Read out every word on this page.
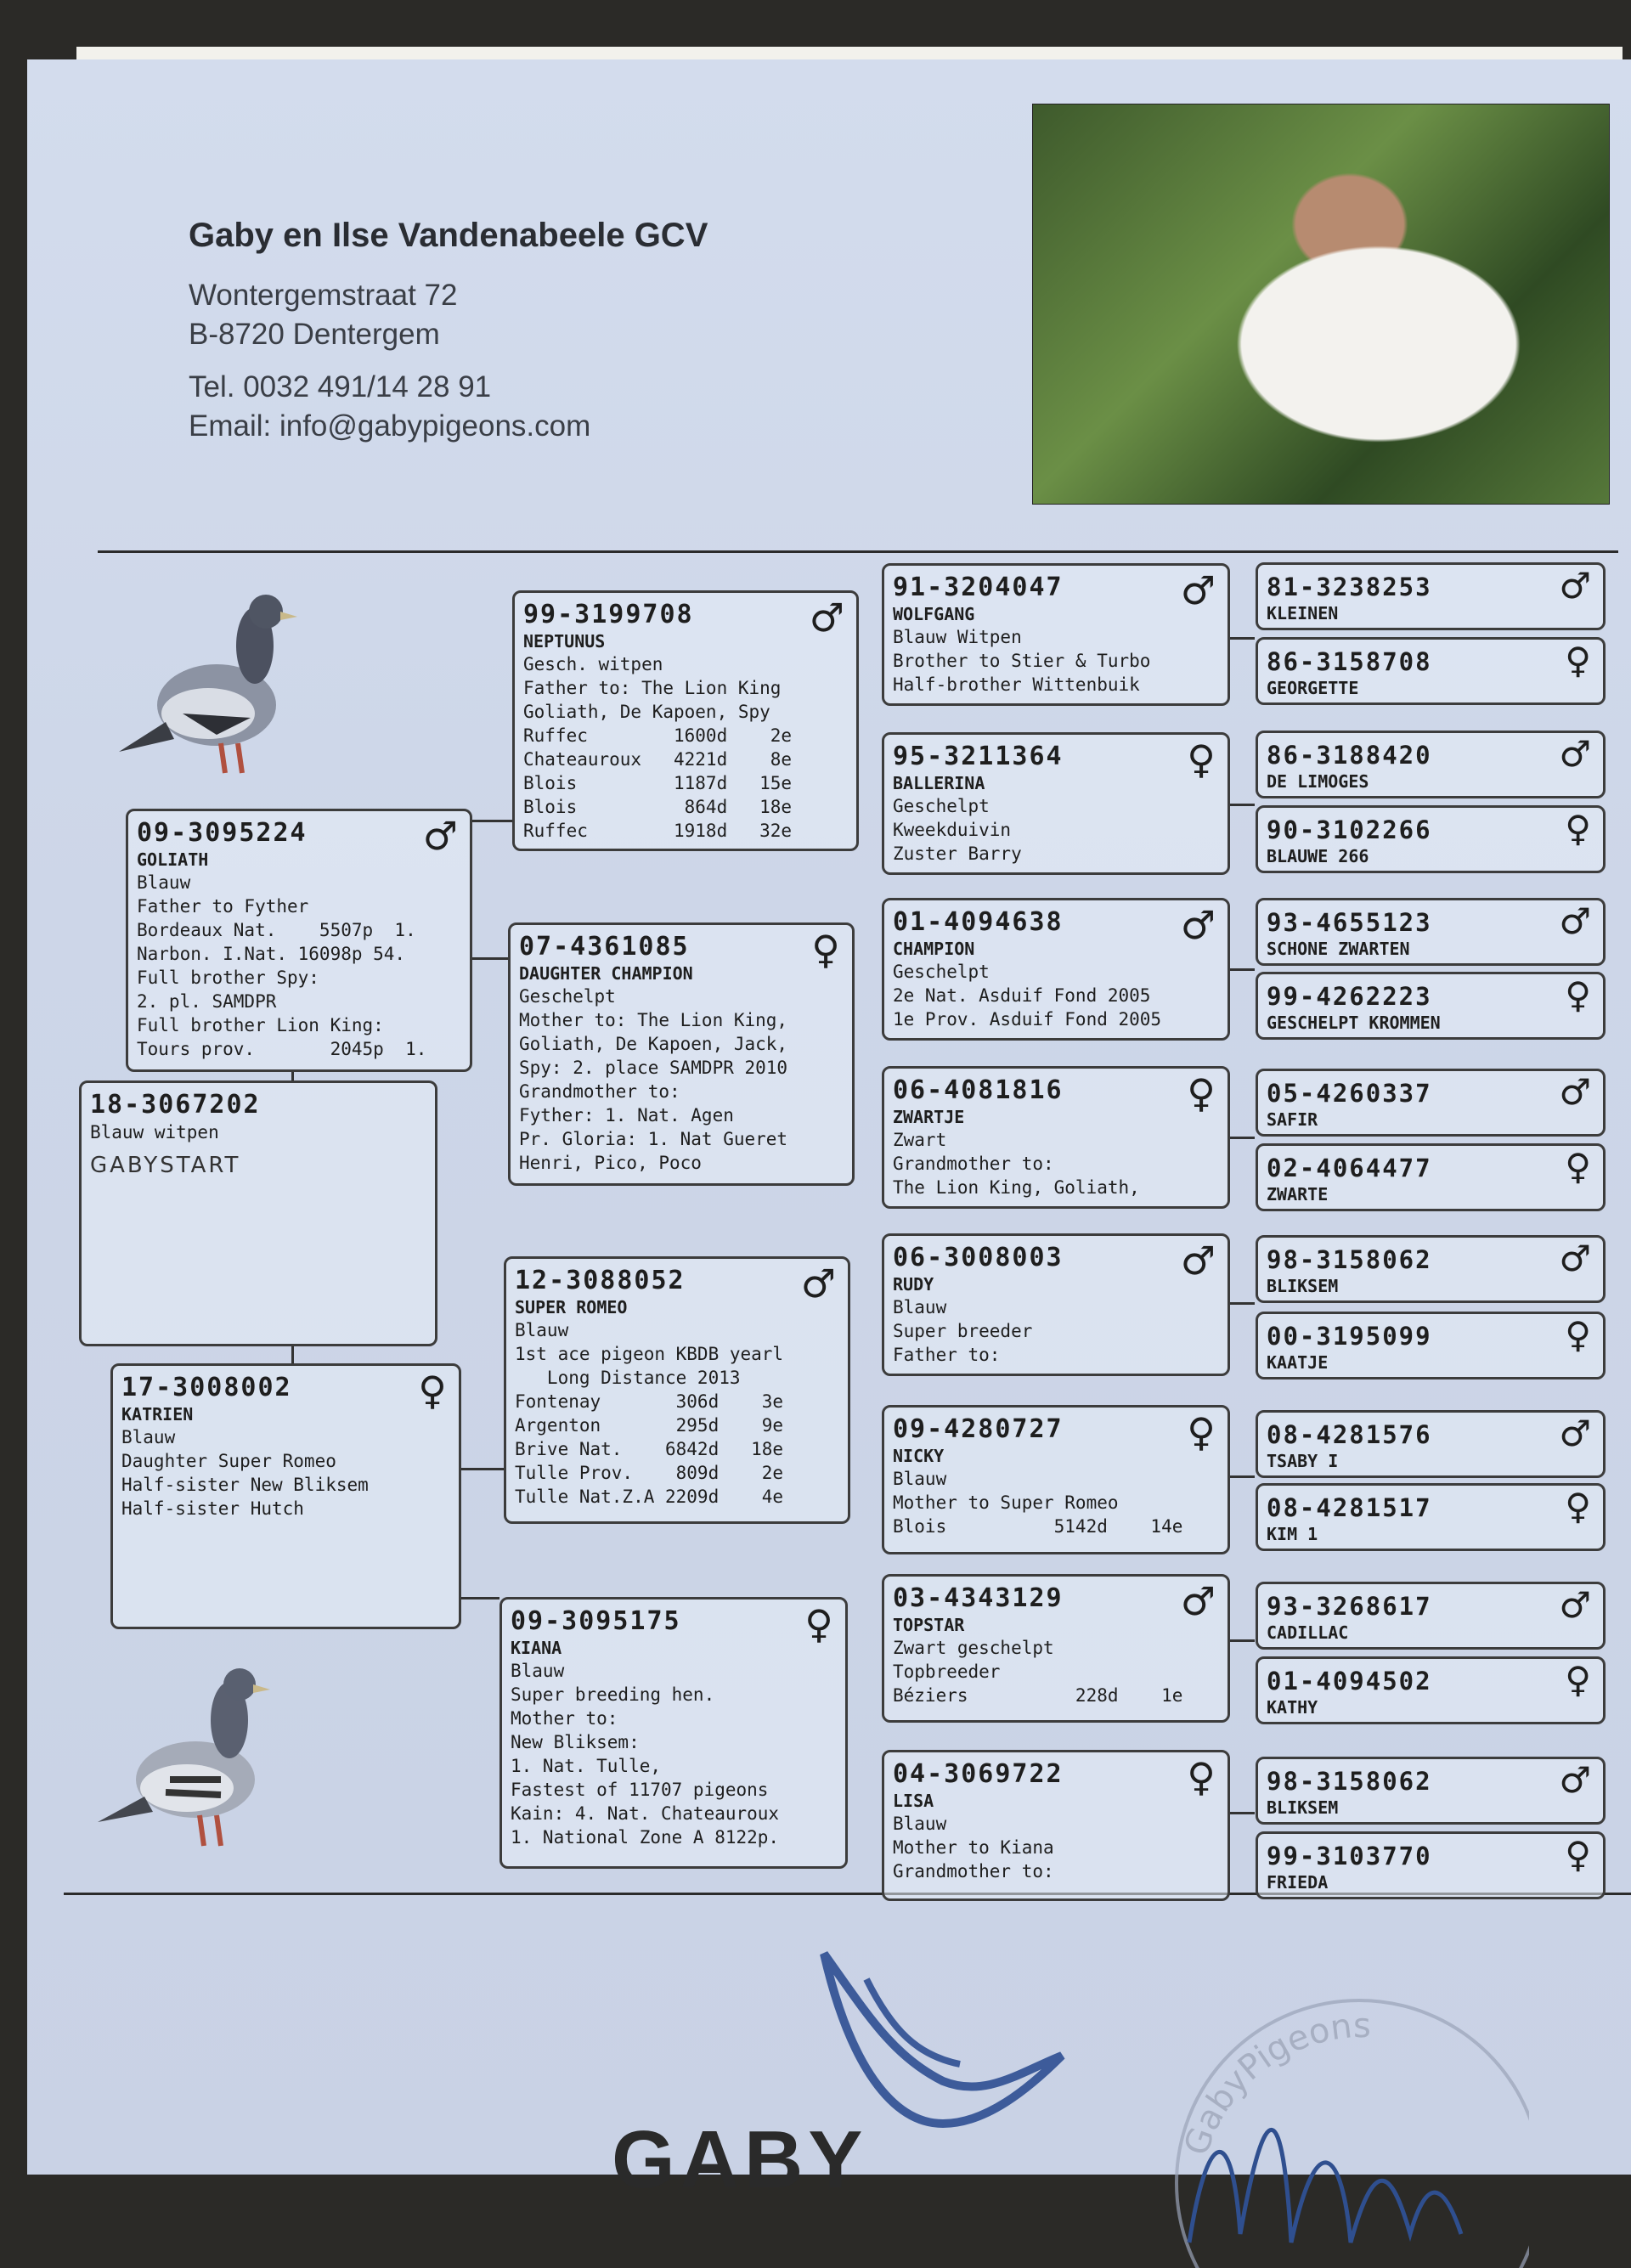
Gaby en Ilse Vandenabeele GCV
Wontergemstraat 72
B-8720 Dentergem
Tel. 0032 491/14 28 91
Email: info@gabypigeons.com
18-3067202
Blauw witpen
GABYSTART
09-3095224	♂
GOLIATH
Blauw
Father to Fyther
Bordeaux Nat.    5507p  1.
Narbon. I.Nat. 16098p 54.
Full brother Spy:
2. pl. SAMDPR
Full brother Lion King:
Tours prov.       2045p  1.
17-3008002	♀
KATRIEN
Blauw
Daughter Super Romeo
Half-sister New Bliksem
Half-sister Hutch
99-3199708	♂
NEPTUNUS
Gesch. witpen
Father to: The Lion King
Goliath, De Kapoen, Spy
Ruffec        1600d    2e
Chateauroux   4221d    8e
Blois         1187d   15e
Blois          864d   18e
Ruffec        1918d   32e
07-4361085	♀
DAUGHTER CHAMPION
Geschelpt
Mother to: The Lion King,
Goliath, De Kapoen, Jack,
Spy: 2. place SAMDPR 2010
Grandmother to:
Fyther: 1. Nat. Agen
Pr. Gloria: 1. Nat Gueret
Henri, Pico, Poco
12-3088052	♂
SUPER ROMEO
Blauw
1st ace pigeon KBDB yearl
Long Distance 2013
Fontenay       306d    3e
Argenton       295d    9e
Brive Nat.    6842d   18e
Tulle Prov.    809d    2e
Tulle Nat.Z.A 2209d    4e
09-3095175	♀
KIANA
Blauw
Super breeding hen.
Mother to:
New Bliksem:
1. Nat. Tulle,
Fastest of 11707 pigeons
Kain: 4. Nat. Chateauroux
1. National Zone A 8122p.
91-3204047	♂
WOLFGANG
Blauw Witpen
Brother to Stier & Turbo
Half-brother Wittenbuik
95-3211364	♀
BALLERINA
Geschelpt
Kweekduivin
Zuster Barry
01-4094638	♂
CHAMPION
Geschelpt
2e Nat. Asduif Fond 2005
1e Prov. Asduif Fond 2005
06-4081816	♀
ZWARTJE
Zwart
Grandmother to:
The Lion King, Goliath,
06-3008003	♂
RUDY
Blauw
Super breeder
Father to:
09-4280727	♀
NICKY
Blauw
Mother to Super Romeo
Blois          5142d    14e
03-4343129	♂
TOPSTAR
Zwart geschelpt
Topbreeder
Béziers          228d    1e
04-3069722	♀
LISA
Blauw
Mother to Kiana
Grandmother to:
81-3238253	♂
KLEINEN
86-3158708	♀
GEORGETTE
86-3188420	♂
DE LIMOGES
90-3102266	♀
BLAUWE 266
93-4655123	♂
SCHONE ZWARTEN
99-4262223	♀
GESCHELPT KROMMEN
05-4260337	♂
SAFIR
02-4064477	♀
ZWARTE
98-3158062	♂
BLIKSEM
00-3195099	♀
KAATJE
08-4281576	♂
TSABY I
08-4281517	♀
KIM 1
93-3268617	♂
CADILLAC
01-4094502	♀
KATHY
98-3158062	♂
BLIKSEM
99-3103770	♀
FRIEDA
GABY	GabyPigeons
